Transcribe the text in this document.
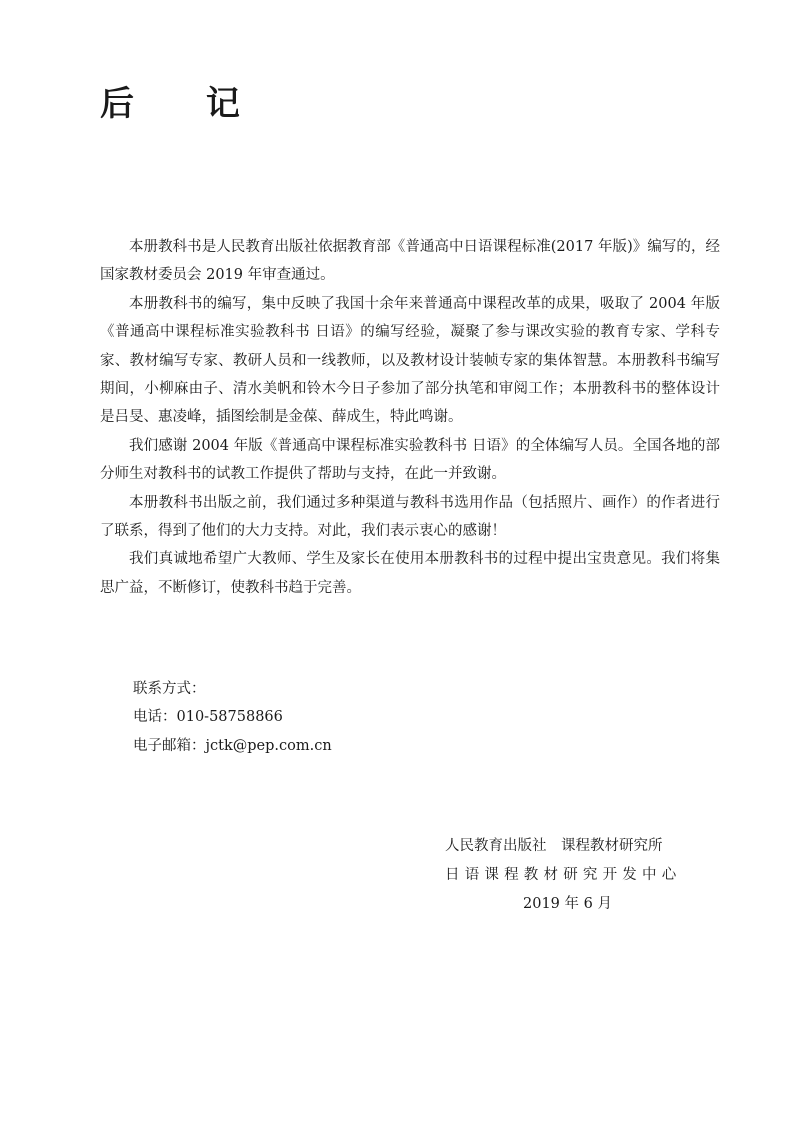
后 记

本册教科书是人民教育出版社依据教育部《普通高中日语课程标准(2017 年版)》编写的，经国家教材委员会 2019 年审查通过。

本册教科书的编写，集中反映了我国十余年来普通高中课程改革的成果，吸取了 2004 年版《普通高中课程标准实验教科书 日语》的编写经验，凝聚了参与课改实验的教育专家、学科专家、教材编写专家、教研人员和一线教师，以及教材设计装帧专家的集体智慧。本册教科书编写期间，小柳麻由子、清水美帆和铃木今日子参加了部分执笔和审阅工作；本册教科书的整体设计是吕旻、惠凌峰，插图绘制是金葆、薛成生，特此鸣谢。

我们感谢 2004 年版《普通高中课程标准实验教科书 日语》的全体编写人员。全国各地的部分师生对教科书的试教工作提供了帮助与支持，在此一并致谢。

本册教科书出版之前，我们通过多种渠道与教科书选用作品（包括照片、画作）的作者进行了联系，得到了他们的大力支持。对此，我们表示衷心的感谢！

我们真诚地希望广大教师、学生及家长在使用本册教科书的过程中提出宝贵意见。我们将集思广益，不断修订，使教科书趋于完善。

联系方式：
电话：010-58758866
电子邮箱：jctk@pep.com.cn
人民教育出版社　课程教材研究所
日语课程教材研究开发中心
2019 年 6 月
